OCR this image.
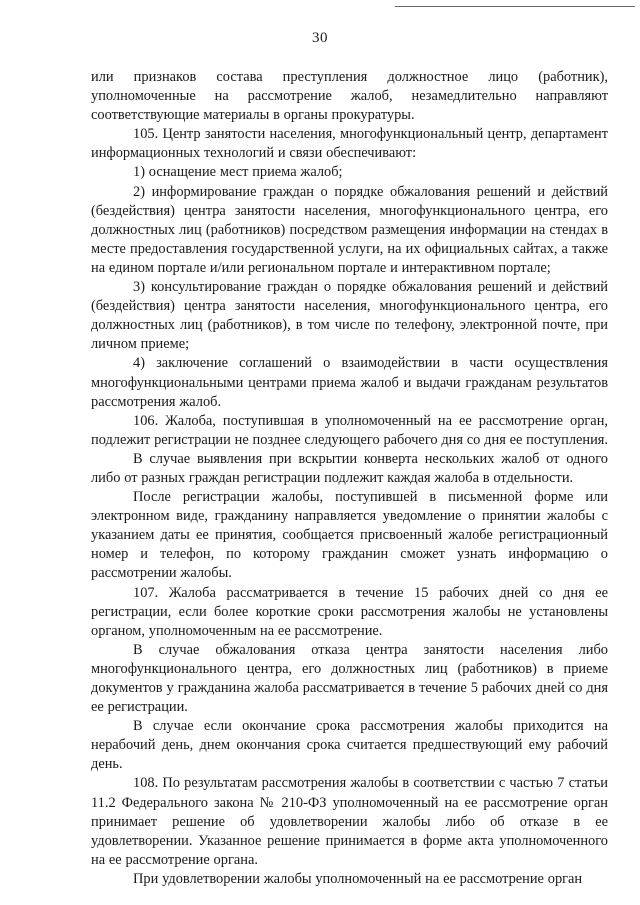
30

или признаков состава преступления должностное лицо (работник), уполномоченные на рассмотрение жалоб, незамедлительно направляют соответствующие материалы в органы прокуратуры.

105. Центр занятости населения, многофункциональный центр, департамент информационных технологий и связи обеспечивают:

1) оснащение мест приема жалоб;

2) информирование граждан о порядке обжалования решений и действий (бездействия) центра занятости населения, многофункционального центра, его должностных лиц (работников) посредством размещения информации на стендах в месте предоставления государственной услуги, на их официальных сайтах, а также на едином портале и/или региональном портале и интерактивном портале;

3) консультирование граждан о порядке обжалования решений и действий (бездействия) центра занятости населения, многофункционального центра, его должностных лиц (работников), в том числе по телефону, электронной почте, при личном приеме;

4) заключение соглашений о взаимодействии в части осуществления многофункциональными центрами приема жалоб и выдачи гражданам результатов рассмотрения жалоб.

106. Жалоба, поступившая в уполномоченный на ее рассмотрение орган, подлежит регистрации не позднее следующего рабочего дня со дня ее поступления.

В случае выявления при вскрытии конверта нескольких жалоб от одного либо от разных граждан регистрации подлежит каждая жалоба в отдельности.

После регистрации жалобы, поступившей в письменной форме или электронном виде, гражданину направляется уведомление о принятии жалобы с указанием даты ее принятия, сообщается присвоенный жалобе регистрационный номер и телефон, по которому гражданин сможет узнать информацию о рассмотрении жалобы.

107. Жалоба рассматривается в течение 15 рабочих дней со дня ее регистрации, если более короткие сроки рассмотрения жалобы не установлены органом, уполномоченным на ее рассмотрение.

В случае обжалования отказа центра занятости населения либо многофункционального центра, его должностных лиц (работников) в приеме документов у гражданина жалоба рассматривается в течение 5 рабочих дней со дня ее регистрации.

В случае если окончание срока рассмотрения жалобы приходится на нерабочий день, днем окончания срока считается предшествующий ему рабочий день.

108. По результатам рассмотрения жалобы в соответствии с частью 7 статьи 11.2 Федерального закона № 210-ФЗ уполномоченный на ее рассмотрение орган принимает решение об удовлетворении жалобы либо об отказе в ее удовлетворении. Указанное решение принимается в форме акта уполномоченного на ее рассмотрение органа.

При удовлетворении жалобы уполномоченный на ее рассмотрение орган
